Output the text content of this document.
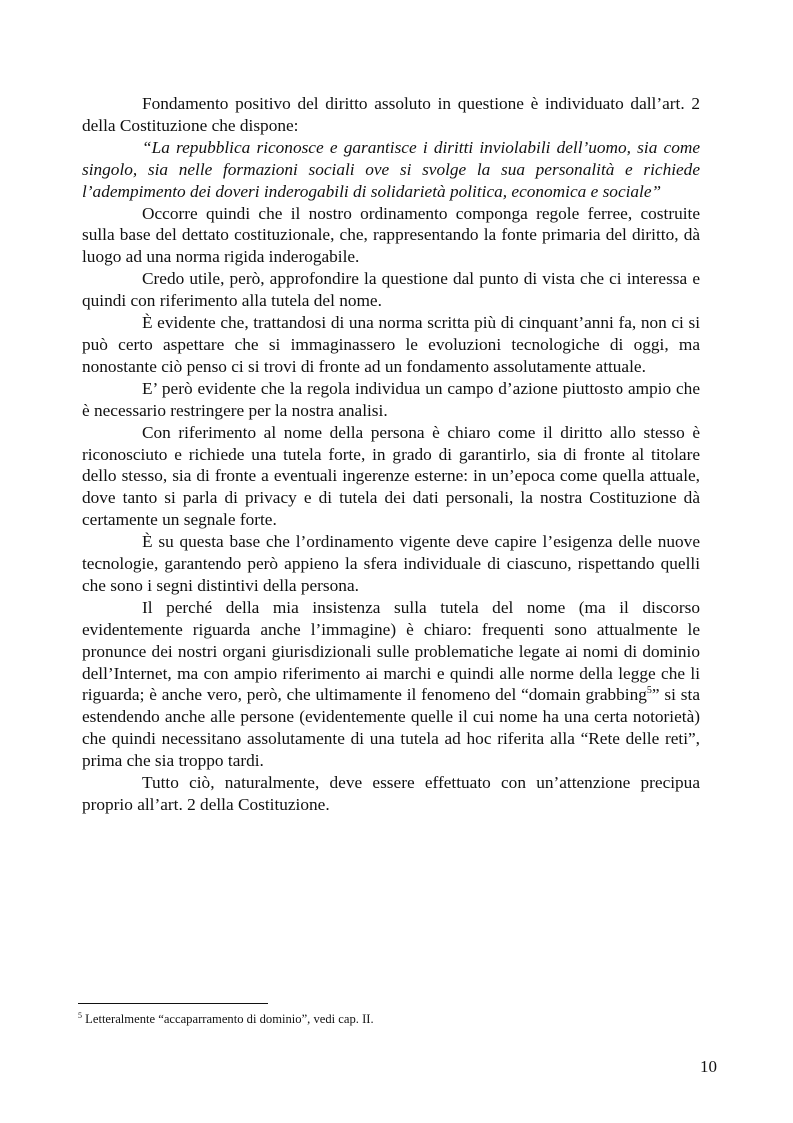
Fondamento positivo del diritto assoluto in questione è individuato dall’art. 2 della Costituzione che dispone:

“La repubblica riconosce e garantisce i diritti inviolabili dell’uomo, sia come singolo, sia nelle formazioni sociali ove si svolge la sua personalità e richiede l’adempimento dei doveri inderogabili di solidarietà politica, economica e sociale”

Occorre quindi che il nostro ordinamento componga regole ferree, costruite sulla base del dettato costituzionale, che, rappresentando la fonte primaria del diritto, dà luogo ad una norma rigida inderogabile.

Credo utile, però, approfondire la questione dal punto di vista che ci interessa e quindi con riferimento alla tutela del nome.

È evidente che, trattandosi di una norma scritta più di cinquant’anni fa, non ci si può certo aspettare che si immaginassero le evoluzioni tecnologiche di oggi, ma nonostante ciò penso ci si trovi di fronte ad un fondamento assolutamente attuale.

E’ però evidente che la regola individua un campo d’azione piuttosto ampio che è necessario restringere per la nostra analisi.

Con riferimento al nome della persona è chiaro come il diritto allo stesso è riconosciuto e richiede una tutela forte, in grado di garantirlo, sia di fronte al titolare dello stesso, sia di fronte a eventuali ingerenze esterne: in un’epoca come quella attuale, dove tanto si parla di privacy e di tutela dei dati personali, la nostra Costituzione dà certamente un segnale forte.

È su questa base che l’ordinamento vigente deve capire l’esigenza delle nuove tecnologie, garantendo però appieno la sfera individuale di ciascuno, rispettando quelli che sono i segni distintivi della persona.

Il perché della mia insistenza sulla tutela del nome (ma il discorso evidentemente riguarda anche l’immagine) è chiaro: frequenti sono attualmente le pronunce dei nostri organi giurisdizionali sulle problematiche legate ai nomi di dominio dell’Internet, ma con ampio riferimento ai marchi e quindi alle norme della legge che li riguarda; è anche vero, però, che ultimamente il fenomeno del “domain grabbing$^5$” si sta estendendo anche alle persone (evidentemente quelle il cui nome ha una certa notorietà) che quindi necessitano assolutamente di una tutela ad hoc riferita alla “Rete delle reti”, prima che sia troppo tardi.

Tutto ciò, naturalmente, deve essere effettuato con un’attenzione precipua proprio all’art. 2 della Costituzione.

$^5$ Letteralmente “accaparramento di dominio”, vedi cap. II.
10
